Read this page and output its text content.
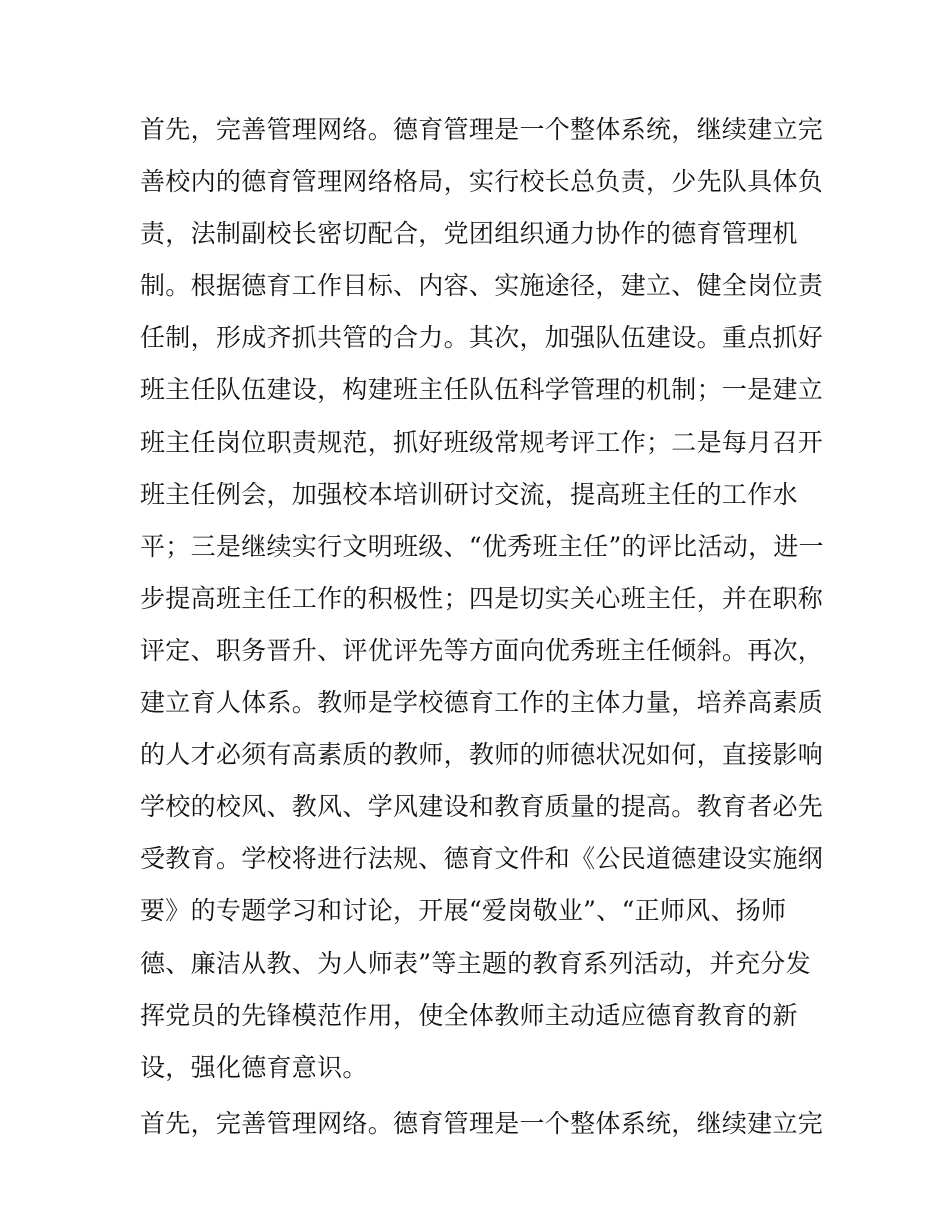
首先，完善管理网络。德育管理是一个整体系统，继续建立完
善校内的德育管理网络格局，实行校长总负责，少先队具体负
责，法制副校长密切配合，党团组织通力协作的德育管理机
制。根据德育工作目标、内容、实施途径，建立、健全岗位责
任制，形成齐抓共管的合力。其次，加强队伍建设。重点抓好
班主任队伍建设，构建班主任队伍科学管理的机制；一是建立
班主任岗位职责规范，抓好班级常规考评工作；二是每月召开
班主任例会，加强校本培训研讨交流，提高班主任的工作水
平；三是继续实行文明班级、“优秀班主任”的评比活动，进一
步提高班主任工作的积极性；四是切实关心班主任，并在职称
评定、职务晋升、评优评先等方面向优秀班主任倾斜。再次，
建立育人体系。教师是学校德育工作的主体力量，培养高素质
的人才必须有高素质的教师，教师的师德状况如何，直接影响
学校的校风、教风、学风建设和教育质量的提高。教育者必先
受教育。学校将进行法规、德育文件和《公民道德建设实施纲
要》的专题学习和讨论，开展“爱岗敬业”、“正师风、扬师
德、廉洁从教、为人师表”等主题的教育系列活动，并充分发
挥党员的先锋模范作用，使全体教师主动适应德育教育的新
设，强化德育意识。
首先，完善管理网络。德育管理是一个整体系统，继续建立完
